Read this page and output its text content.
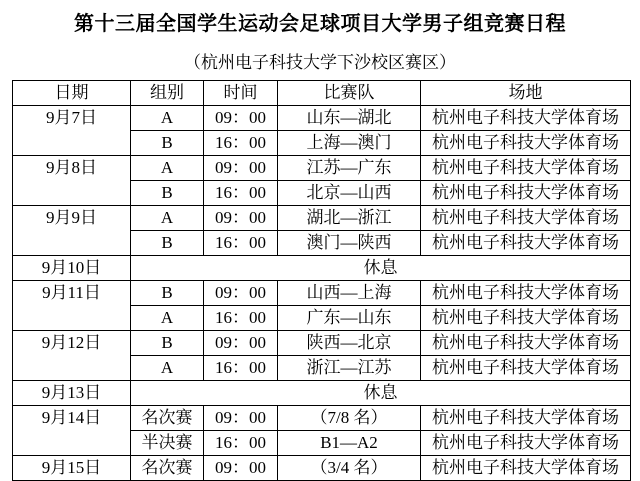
第十三届全国学生运动会足球项目大学男子组竞赛日程
（杭州电子科技大学下沙校区赛区）
日期	组别	时间	比赛队	场地
9月7日	A	09：00	山东—湖北	杭州电子科技大学体育场
	B	16：00	上海—澳门	杭州电子科技大学体育场
9月8日	A	09：00	江苏—广东	杭州电子科技大学体育场
	B	16：00	北京—山西	杭州电子科技大学体育场
9月9日	A	09：00	湖北—浙江	杭州电子科技大学体育场
	B	16：00	澳门—陕西	杭州电子科技大学体育场
9月10日	休息			
9月11日	B	09：00	山西—上海	杭州电子科技大学体育场
	A	16：00	广东—山东	杭州电子科技大学体育场
9月12日	B	09：00	陕西—北京	杭州电子科技大学体育场
	A	16：00	浙江—江苏	杭州电子科技大学体育场
9月13日	休息			
9月14日	名次赛	09：00	（7/8 名）	杭州电子科技大学体育场
	半决赛	16：00	B1—A2	杭州电子科技大学体育场
9月15日	名次赛	09：00	（3/4 名）	杭州电子科技大学体育场
